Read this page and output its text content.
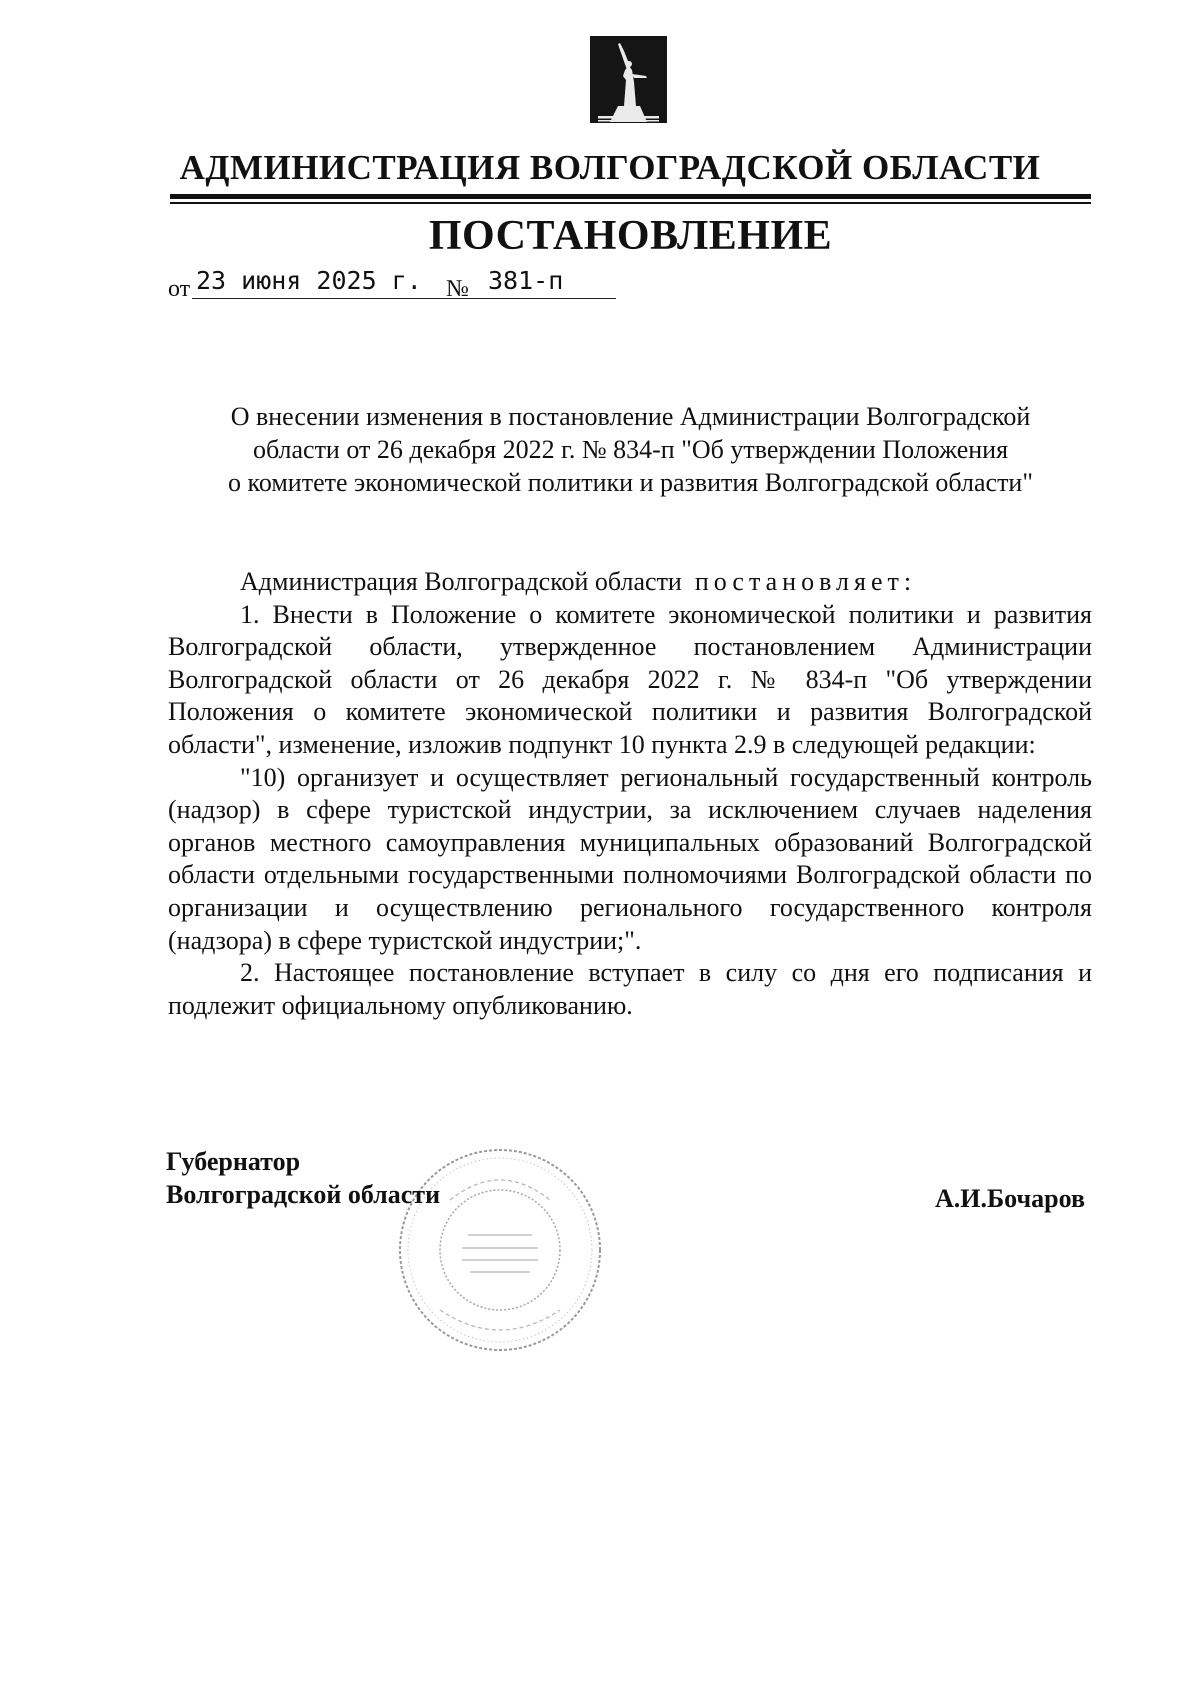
АДМИНИСТРАЦИЯ ВОЛГОГРАДСКОЙ ОБЛАСТИ
ПОСТАНОВЛЕНИЕ
от 23 июня 2025 г.	№ 381-п
О внесении изменения в постановление Администрации Волгоградской
области от 26 декабря 2022 г. № 834-п "Об утверждении Положения
о комитете экономической политики и развития Волгоградской области"

Администрация Волгоградской области постановляет:

1. Внести в Положение о комитете экономической политики и развития Волгоградской области, утвержденное постановлением Администрации Волгоградской области от 26 декабря 2022 г. № 834-п "Об утверждении Положения о комитете экономической политики и развития Волгоградской области", изменение, изложив подпункт 10 пункта 2.9 в следующей редакции:

"10) организует и осуществляет региональный государственный контроль (надзор) в сфере туристской индустрии, за исключением случаев наделения органов местного самоуправления муниципальных образований Волгоградской области отдельными государственными полномочиями Волгоградской области по организации и осуществлению регионального государственного контроля (надзора) в сфере туристской индустрии;".

2. Настоящее постановление вступает в силу со дня его подписания и подлежит официальному опубликованию.

Губернатор
Волгоградской области	А.И.Бочаров
